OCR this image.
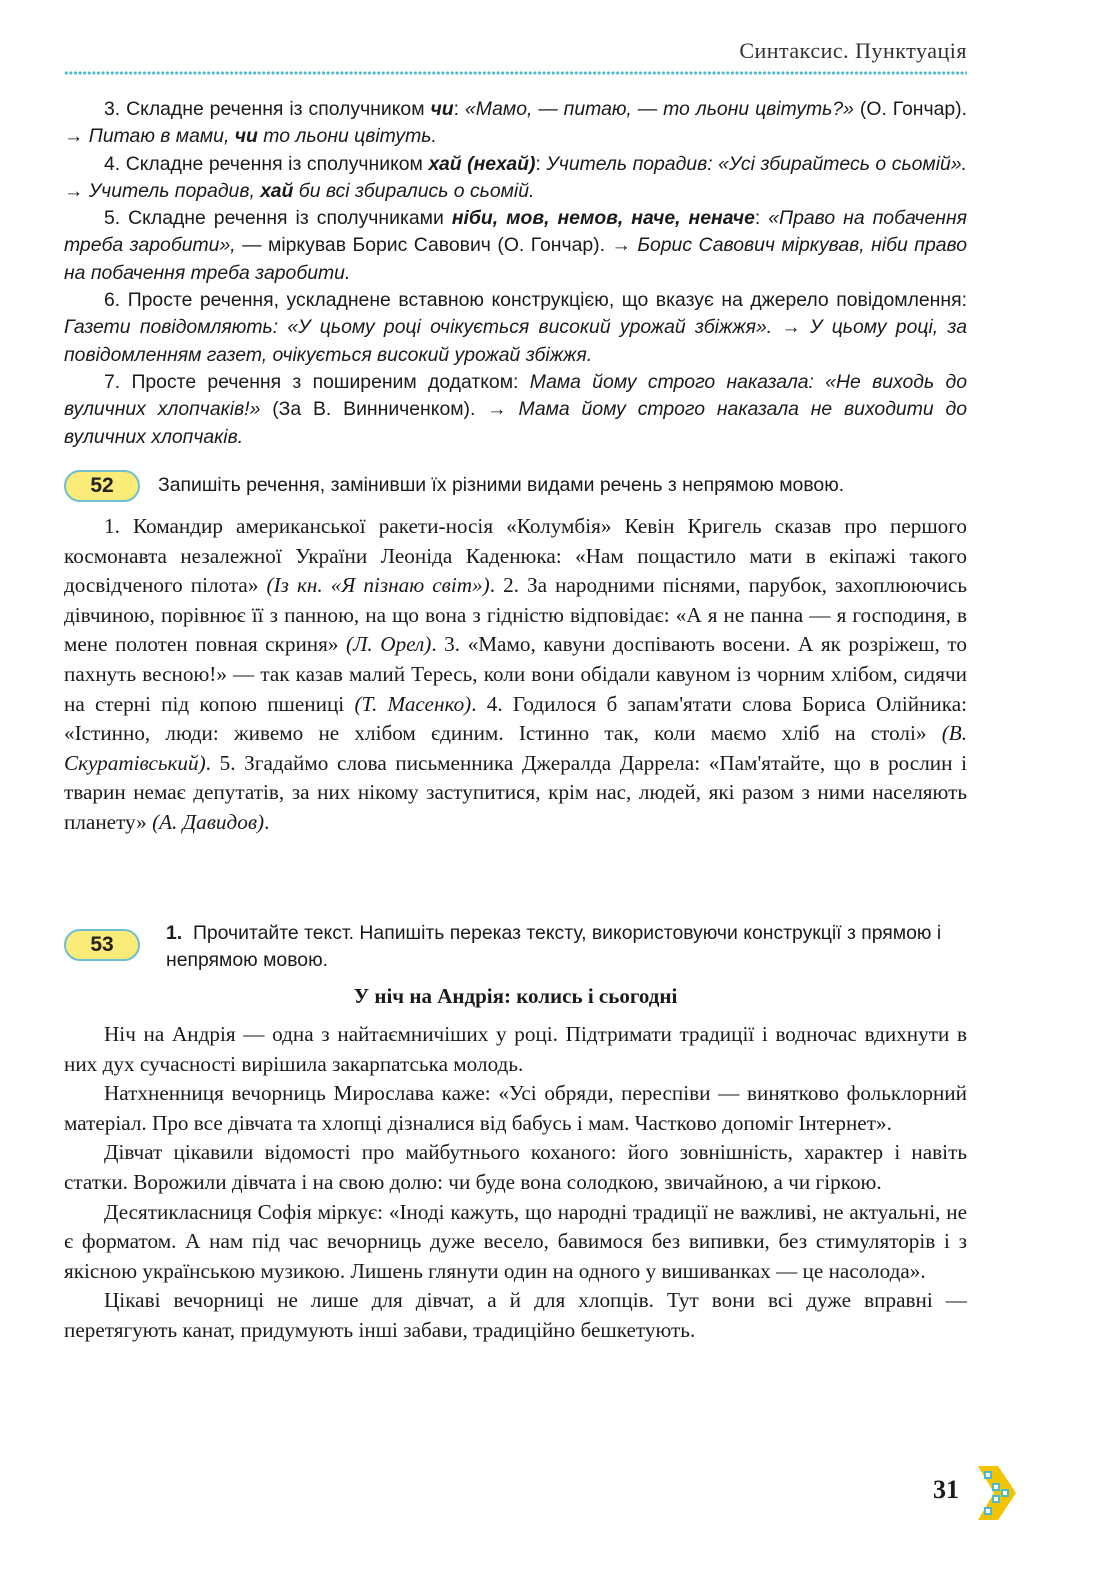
Синтаксис. Пунктуація

3. Складне речення із сполучником чи: «Мамо, — питаю, — то льони цвітуть?» (О. Гончар). → Питаю в мами, чи то льони цвітуть.

4. Складне речення із сполучником хай (нехай): Учитель порадив: «Усі збирайтесь о сьомій». → Учитель порадив, хай би всі збирались о сьомій.

5. Складне речення із сполучниками ніби, мов, немов, наче, неначе: «Право на побачення треба заробити», — міркував Борис Савович (О. Гончар). → Борис Савович міркував, ніби право на побачення треба заробити.

6. Просте речення, ускладнене вставною конструкцією, що вказує на джерело повідомлення: Газети повідомляють: «У цьому році очікується високий урожай збіжжя». → У цьому році, за повідомленням газет, очікується високий урожай збіжжя.

7. Просте речення з поширеним додатком: Мама йому строго наказала: «Не виходь до вуличних хлопчаків!» (За В. Винниченком). → Мама йому строго наказала не виходити до вуличних хлопчаків.

52	Запишіть речення, замінивши їх різними видами речень з непрямою мовою.

1. Командир американської ракети-носія «Колумбія» Кевін Кригель сказав про першого космонавта незалежної України Леоніда Каденюка: «Нам пощастило мати в екіпажі такого досвідченого пілота» (Із кн. «Я пізнаю світ»). 2. За народними піснями, парубок, захоплюючись дівчиною, порівнює її з панною, на що вона з гідністю відповідає: «А я не панна — я господиня, в мене полотен повная скриня» (Л. Орел). 3. «Мамо, кавуни доспівають восени. А як розріжеш, то пахнуть весною!» — так казав малий Тересь, коли вони обідали кавуном із чорним хлібом, сидячи на стерні під копою пшениці (Т. Масенко). 4. Годилося б запам'ятати слова Бориса Олійника: «Істинно, люди: живемо не хлібом єдиним. Істинно так, коли маємо хліб на столі» (В. Скуратівський). 5. Згадаймо слова письменника Джералда Даррела: «Пам'ятайте, що в рослин і тварин немає депутатів, за них нікому заступитися, крім нас, людей, які разом з ними населяють планету» (А. Давидов).

53	1. Прочитайте текст. Напишіть переказ тексту, використовуючи конструкції з прямою і непрямою мовою.
У ніч на Андрія: колись і сьогодні

Ніч на Андрія — одна з найтаємничіших у році. Підтримати традиції і водночас вдихнути в них дух сучасності вирішила закарпатська молодь.

Натхненниця вечорниць Мирослава каже: «Усі обряди, переспіви — винятково фольклорний матеріал. Про все дівчата та хлопці дізналися від бабусь і мам. Частково допоміг Інтернет».

Дівчат цікавили відомості про майбутнього коханого: його зовнішність, характер і навіть статки. Ворожили дівчата і на свою долю: чи буде вона солодкою, звичайною, а чи гіркою.

Десятикласниця Софія міркує: «Іноді кажуть, що народні традиції не важливі, не актуальні, не є форматом. А нам під час вечорниць дуже весело, бавимося без випивки, без стимуляторів і з якісною українською музикою. Лишень глянути один на одного у вишиванках — це насолода».

Цікаві вечорниці не лише для дівчат, а й для хлопців. Тут вони всі дуже вправні — перетягують канат, придумують інші забави, традиційно бешкетують.

31
